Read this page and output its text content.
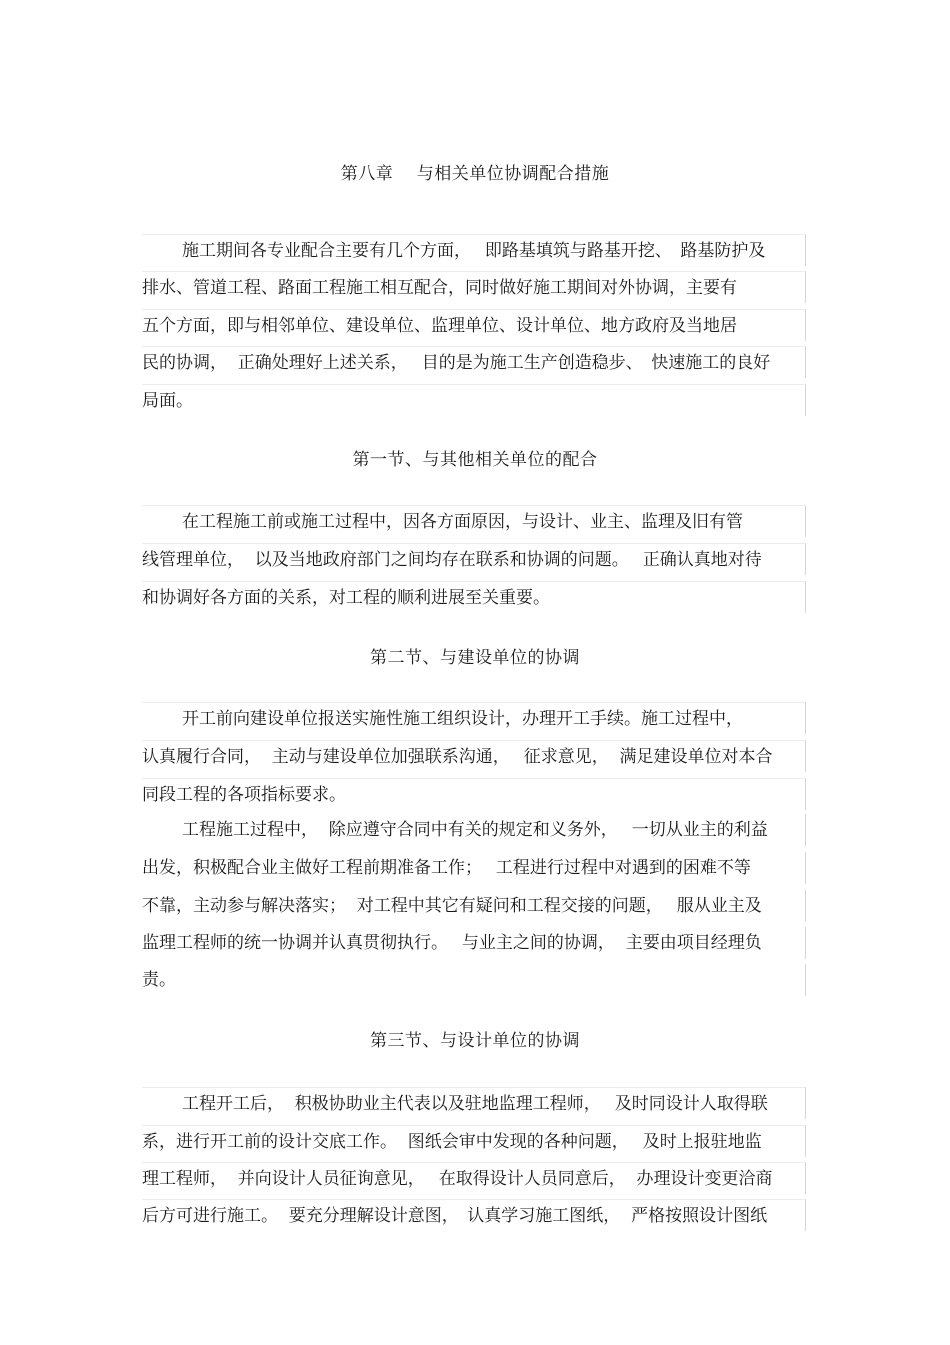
第八章　 与相关单位协调配合措施
施工期间各专业配合主要有几个方面，　 即路基填筑与路基开挖、　路基防护及
排水、管道工程、路面工程施工相互配合，同时做好施工期间对外协调，主要有
五个方面，即与相邻单位、建设单位、监理单位、设计单位、地方政府及当地居
民的协调，  正确处理好上述关系，　 目的是为施工生产创造稳步、　快速施工的良好
局面。
第一节、与其他相关单位的配合
在工程施工前或施工过程中，因各方面原因，与设计、业主、监理及旧有管
线管理单位，  以及当地政府部门之间均存在联系和协调的问题。　 正确认真地对待
和协调好各方面的关系，对工程的顺利进展至关重要。
第二节、与建设单位的协调
开工前向建设单位报送实施性施工组织设计，办理开工手续。施工过程中，
认真履行合同，  主动与建设单位加强联系沟通，　 征求意见，  满足建设单位对本合
同段工程的各项指标要求。
工程施工过程中，  除应遵守合同中有关的规定和义务外，　 一切从业主的利益
出发，积极配合业主做好工程前期准备工作；　 工程进行过程中对遇到的困难不等
不靠，主动参与解决落实；  对工程中其它有疑问和工程交接的问题，　 服从业主及
监理工程师的统一协调并认真贯彻执行。　 与业主之间的协调，  主要由项目经理负
责。
第三节、与设计单位的协调
工程开工后，  积极协助业主代表以及驻地监理工程师，　 及时同设计人取得联
系，进行开工前的设计交底工作。  图纸会审中发现的各种问题，　 及时上报驻地监
理工程师，  并向设计人员征询意见，　 在取得设计人员同意后，  办理设计变更洽商
后方可进行施工。  要充分理解设计意图，　认真学习施工图纸，  严格按照设计图纸
